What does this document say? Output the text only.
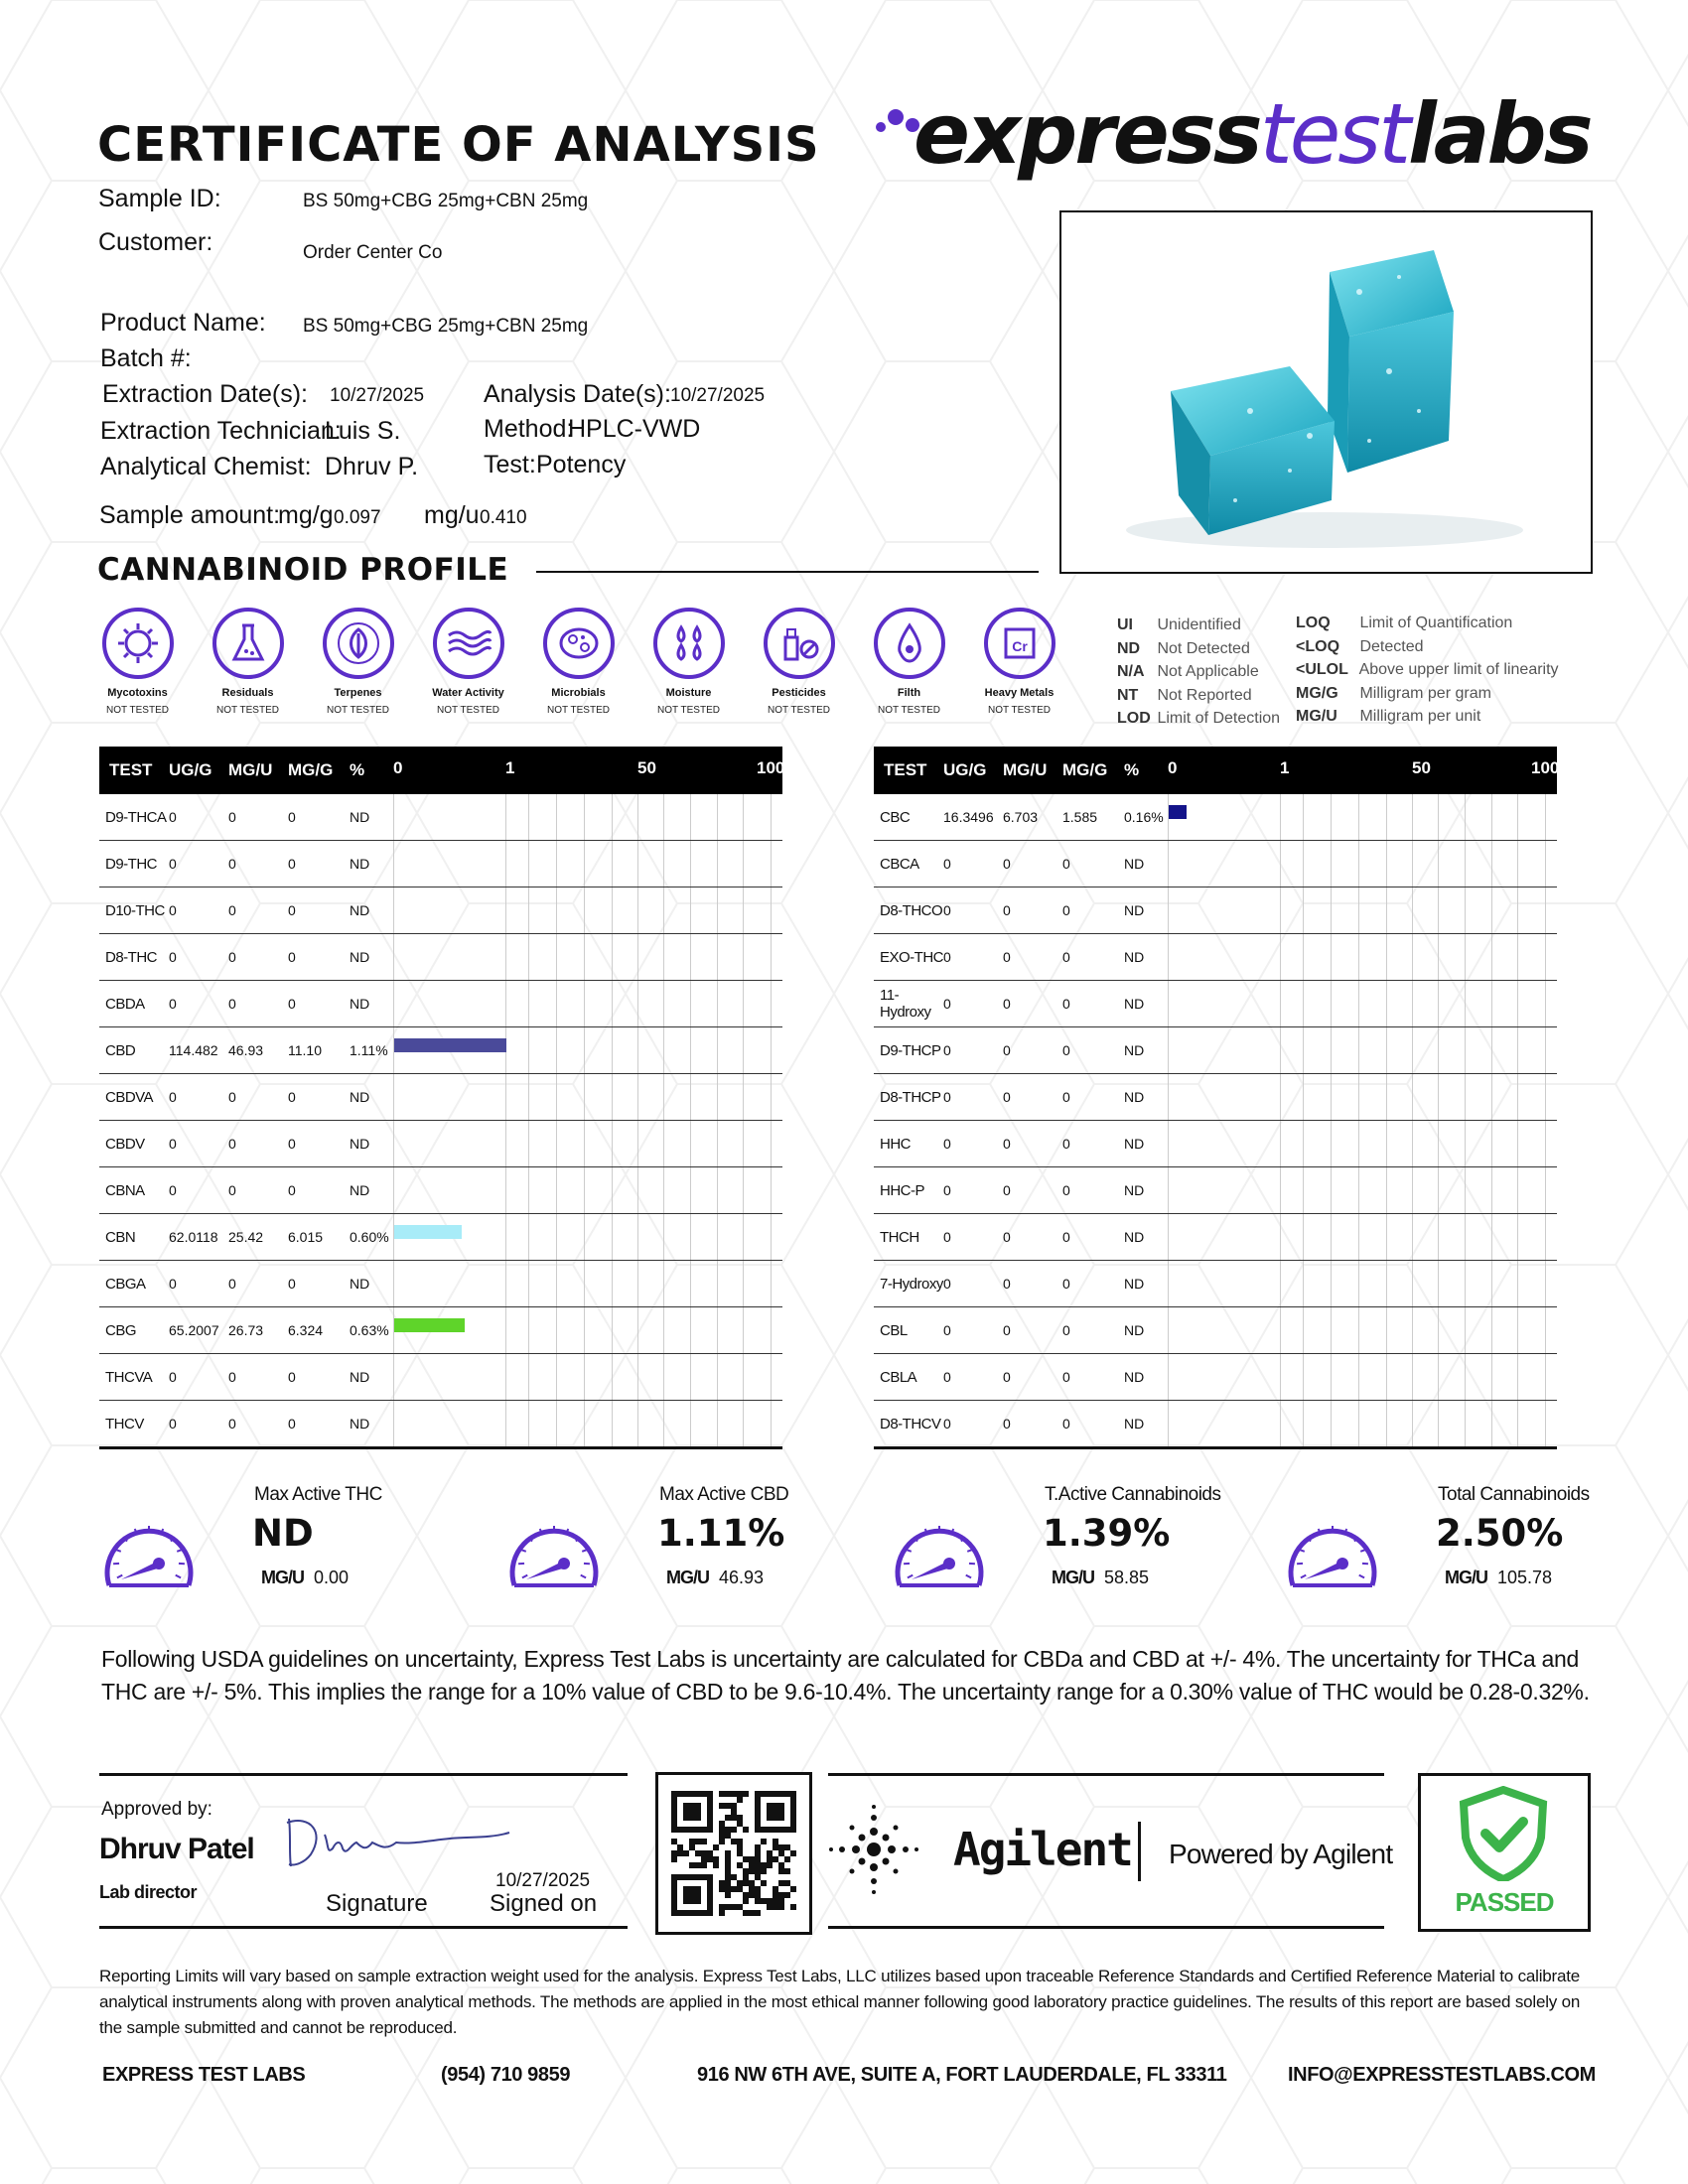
CERTIFICATE OF ANALYSIS expresstestlabs
Sample ID:	BS 50mg+CBG 25mg+CBN 25mg
Customer:	Order Center Co
Product Name: BS 50mg+CBG 25mg+CBN 25mg
Batch #:
Extraction Date(s): 10/27/2025 Analysis Date(s): 10/27/2025
Extraction Technician:
Luis S.	Method:
HPLC-VWD
Analytical Chemist: Dhruv P.	Test: Potency
Sample amount:
mg/g 0.097 mg/u 0.410
CANNABINOID PROFILE
Mycotoxins
NOT TESTED
Residuals
NOT TESTED
Terpenes
NOT TESTED
Water Activity
NOT TESTED
Microbials
NOT TESTED
Moisture
NOT TESTED
Pesticides
NOT TESTED
Filth
NOT TESTED
Cr
Heavy Metals
NOT TESTED
UI Unidentified
ND Not Detected
N/A Not Applicable
NT Not Reported
LOD Limit of Detection
LOQ Limit of Quantification
<LOQ Detected
<ULOL Above upper limit of linearity
MG/G Milligram per gram
MG/U Milligram per unit
TEST	UG/G	MG/U	MG/G	%	0 1 50 100

D9-THCA	0	0	0	ND	

D9-THC	0	0	0	ND	

D10-THC	0	0	0	ND	

D8-THC	0	0	0	ND	

CBDA	0	0	0	ND	

CBD	114.482	46.93	11.10	1.11%	

CBDVA	0	0	0	ND	

CBDV	0	0	0	ND	

CBNA	0	0	0	ND	

CBN	62.0118	25.42	6.015	0.60%	

CBGA	0	0	0	ND	

CBG	65.2007	26.73	6.324	0.63%	

THCVA	0	0	0	ND	

THCV	0	0	0	ND	
TEST	UG/G	MG/U	MG/G	%	0 1 50 100

CBC	16.3496	6.703	1.585	0.16%	

CBCA	0	0	0	ND	

D8-THCO	0	0	0	ND	

EXO-THC	0	0	0	ND	

11-Hydroxy	0	0	0	ND	

D9-THCP	0	0	0	ND	

D8-THCP	0	0	0	ND	

HHC	0	0	0	ND	

HHC-P	0	0	0	ND	

THCH	0	0	0	ND	

7-Hydroxy	0	0	0	ND	

CBL	0	0	0	ND	

CBLA	0	0	0	ND	

D8-THCV	0	0	0	ND	
Max Active THC
ND
MG/U 0.00
Max Active CBD
1.11%
MG/U 46.93
T.Active Cannabinoids
1.39%
MG/U 58.85
Total Cannabinoids
2.50%
MG/U 105.78
Following USDA guidelines on uncertainty, Express Test Labs is uncertainty are calculated for CBDa and CBD at +/- 4%. The uncertainty for THCa and THC are +/- 5%. This implies the range for a 10% value of CBD to be 9.6-10.4%. The uncertainty range for a 0.30% value of THC would be 0.28-0.32%.
Approved by:
Dhruv Patel
Lab director	Signature
10/27/2025
Signed on
Agilent Powered by Agilent
PASSED
Reporting Limits will vary based on sample extraction weight used for the analysis. Express Test Labs, LLC utilizes based upon traceable Reference Standards and Certified Reference Material to calibrate analytical instruments along with proven analytical methods. The methods are applied in the most ethical manner following good laboratory practice guidelines. The results of this report are based solely on the sample submitted and cannot be reproduced.
EXPRESS TEST LABS	(954) 710 9859	916 NW 6TH AVE, SUITE A, FORT LAUDERDALE, FL 33311	INFO@EXPRESSTESTLABS.COM
